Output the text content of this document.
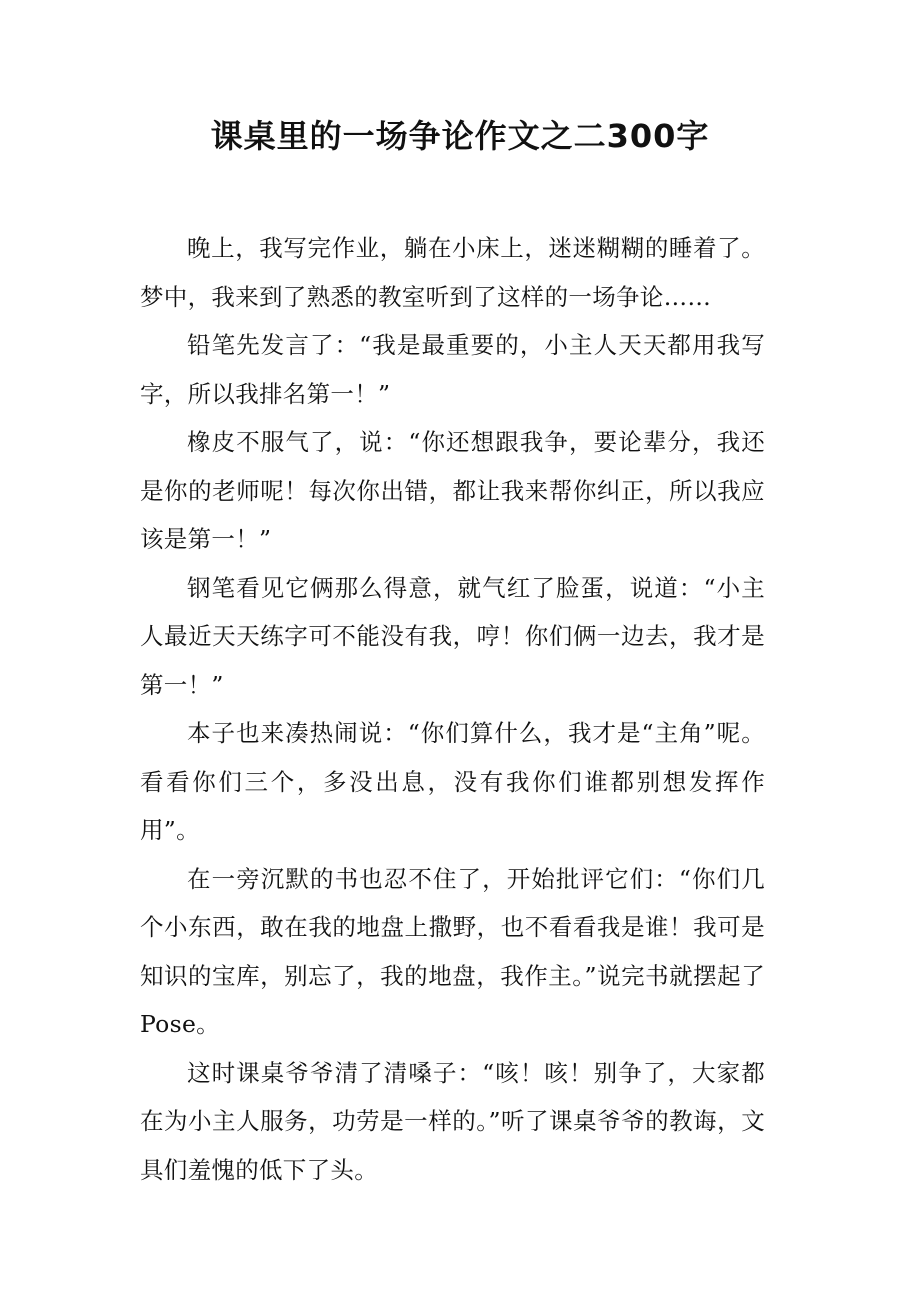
课桌里的一场争论作文之二300字

晚上，我写完作业，躺在小床上，迷迷糊糊的睡着了。梦中，我来到了熟悉的教室听到了这样的一场争论……

铅笔先发言了：“我是最重要的，小主人天天都用我写字，所以我排名第一！”

橡皮不服气了，说：“你还想跟我争，要论辈分，我还是你的老师呢！每次你出错，都让我来帮你纠正，所以我应该是第一！”

钢笔看见它俩那么得意，就气红了脸蛋，说道：“小主人最近天天练字可不能没有我，哼！你们俩一边去，我才是第一！”

本子也来凑热闹说：“你们算什么，我才是“主角”呢。看看你们三个，多没出息，没有我你们谁都别想发挥作用”。

在一旁沉默的书也忍不住了，开始批评它们：“你们几个小东西，敢在我的地盘上撒野，也不看看我是谁！我可是知识的宝库，别忘了，我的地盘，我作主。”说完书就摆起了Pose。

这时课桌爷爷清了清嗓子：“咳！咳！别争了，大家都在为小主人服务，功劳是一样的。”听了课桌爷爷的教诲，文具们羞愧的低下了头。
